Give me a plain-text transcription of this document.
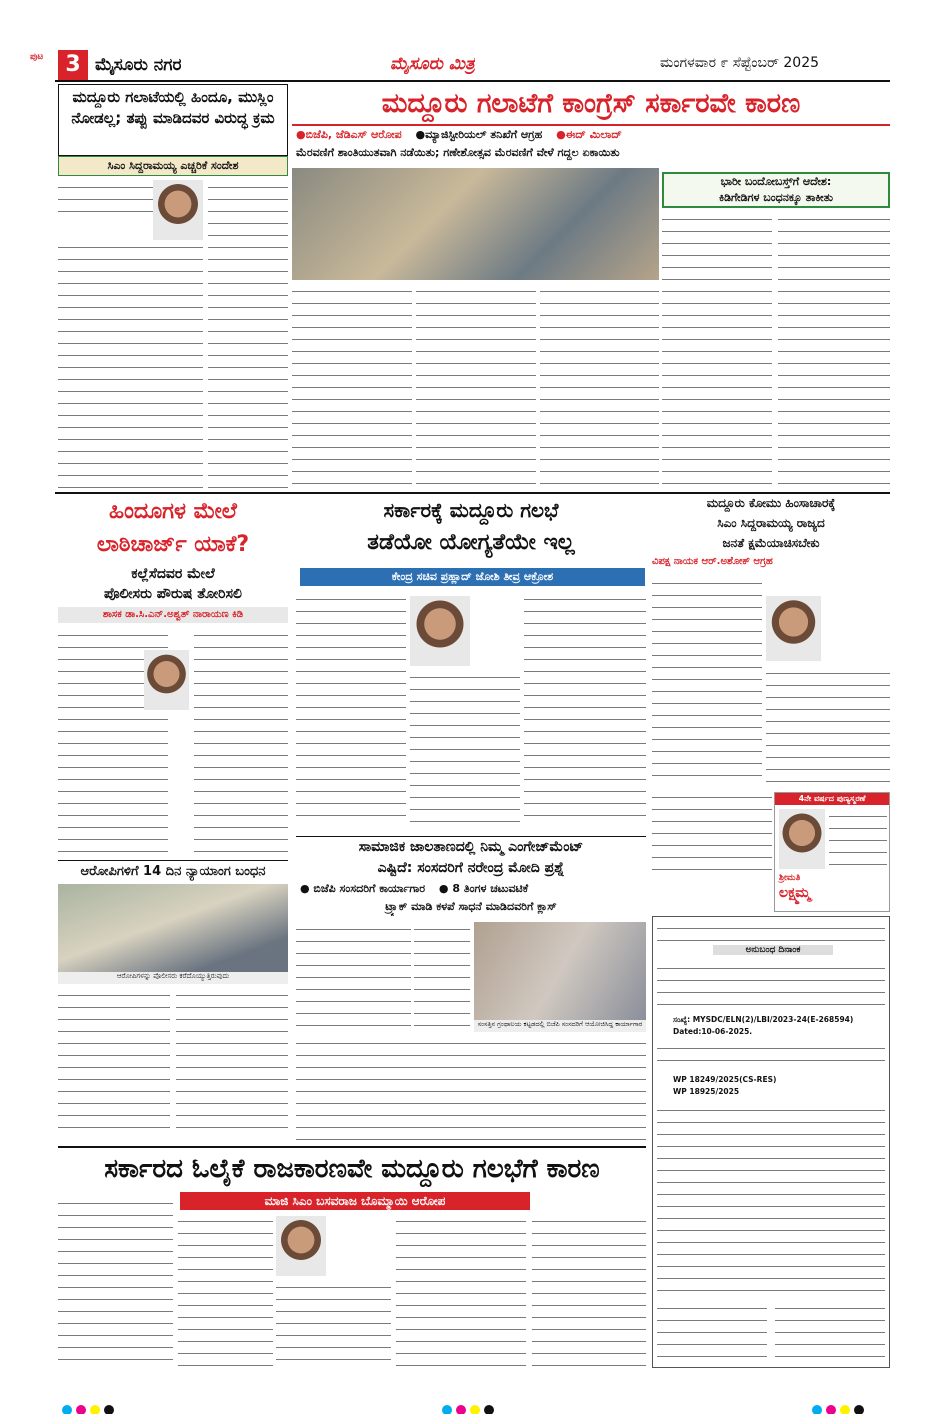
ಪುಟ	3 ಮೈಸೂರು ನಗರ	ಮೈಸೂರು ಮಿತ್ರ	ಮಂಗಳವಾರ ೯ ಸೆಪ್ಟೆಂಬರ್ 2025
ಮದ್ದೂರು ಗಲಾಟೆಯಲ್ಲಿ ಹಿಂದೂ, ಮುಸ್ಲಿಂ ನೋಡಲ್ಲ; ತಪ್ಪು ಮಾಡಿದವರ ವಿರುದ್ಧ ಕ್ರಮ
ಸಿಎಂ ಸಿದ್ದರಾಮಯ್ಯ ಎಚ್ಚರಿಕೆ ಸಂದೇಶ
ಮದ್ದೂರು ಗಲಾಟೆಗೆ ಕಾಂಗ್ರೆಸ್ ಸರ್ಕಾರವೇ ಕಾರಣ
●ಬಿಜೆಪಿ, ಜೆಡಿಎಸ್ ಆರೋಪ ●ಮ್ಯಾಜಿಸ್ಟೀರಿಯಲ್ ತನಿಖೆಗೆ ಆಗ್ರಹ ●ಈದ್ ಮಿಲಾದ್
ಮೆರವಣಿಗೆ ಶಾಂತಿಯುತವಾಗಿ ನಡೆಯಿತು; ಗಣೇಶೋತ್ಸವ ಮೆರವಣಿಗೆ ವೇಳೆ ಗದ್ದಲ ಏಕಾಯಿತು
ಭಾರೀ ಬಂದೋಬಸ್ತ್‌ಗೆ ಆದೇಶ:
ಕಿಡಿಗೇಡಿಗಳ ಬಂಧನಕ್ಕೂ ತಾಕೀತು
ಹಿಂದೂಗಳ ಮೇಲೆ
ಲಾಠಿಚಾರ್ಜ್ ಯಾಕೆ?
ಕಲ್ಲೆಸೆದವರ ಮೇಲೆ
ಪೊಲೀಸರು ಪೌರುಷ ತೋರಿಸಲಿ
ಶಾಸಕ ಡಾ.ಸಿ.ಎನ್.ಅಶ್ವತ್ ನಾರಾಯಣ ಕಿಡಿ
ಆರೋಪಿಗಳಿಗೆ 14 ದಿನ ನ್ಯಾಯಾಂಗ ಬಂಧನ
ಆರೋಪಿಗಳನ್ನು ಪೊಲೀಸರು ಕರೆದೊಯ್ಯುತ್ತಿರುವುದು
ಸರ್ಕಾರಕ್ಕೆ ಮದ್ದೂರು ಗಲಭೆ
ತಡೆಯೋ ಯೋಗ್ಯತೆಯೇ ಇಲ್ಲ
ಕೇಂದ್ರ ಸಚಿವ ಪ್ರಹ್ಲಾದ್ ಜೋಶಿ ತೀವ್ರ ಆಕ್ರೋಶ
ಮದ್ದೂರು ಕೋಮು ಹಿಂಸಾಚಾರಕ್ಕೆ
ಸಿಎಂ ಸಿದ್ದರಾಮಯ್ಯ ರಾಜ್ಯದ
ಜನತೆ ಕ್ಷಮೆಯಾಚಿಸಬೇಕು
ವಿಪಕ್ಷ ನಾಯಕ ಆರ್.ಅಶೋಕ್ ಆಗ್ರಹ
4ನೇ ವರ್ಷದ ಪುಣ್ಯಸ್ಮರಣೆ
ಶ್ರೀಮತಿ
ಲಕ್ಷ್ಮಮ್ಮ
ಸಾಮಾಜಿಕ ಜಾಲತಾಣದಲ್ಲಿ ನಿಮ್ಮ ಎಂಗೇಜ್‌ಮೆಂಟ್
ಎಷ್ಟಿದೆ: ಸಂಸದರಿಗೆ ನರೇಂದ್ರ ಮೋದಿ ಪ್ರಶ್ನೆ
● ಬಿಜೆಪಿ ಸಂಸದರಿಗೆ ಕಾರ್ಯಾಗಾರ ● 8 ತಿಂಗಳ ಚಟುವಟಿಕೆ
ಟ್ರ್ಯಾಕ್ ಮಾಡಿ ಕಳಪೆ ಸಾಧನೆ ಮಾಡಿದವರಿಗೆ ಕ್ಲಾಸ್
ಸಂಸತ್ತಿನ ಗ್ರಂಥಾಲಯ ಕಟ್ಟಡದಲ್ಲಿ ಬಿಜೆಪಿ ಸಂಸದರಿಗೆ ಆಯೋಜಿಸಿದ್ದ ಕಾರ್ಯಾಗಾರ
ಅನುಬಂಧ ದಿನಾಂಕ
ಸಂಖ್ಯೆ: MYSDC/ELN(2)/LBI/2023-24(E-268594)
Dated:10-06-2025.
WP 18249/2025(CS-RES)
WP 18925/2025
ಸರ್ಕಾರದ ಓಲೈಕೆ ರಾಜಕಾರಣವೇ ಮದ್ದೂರು ಗಲಭೆಗೆ ಕಾರಣ
ಮಾಜಿ ಸಿಎಂ ಬಸವರಾಜ ಬೊಮ್ಮಾಯಿ ಆರೋಪ
